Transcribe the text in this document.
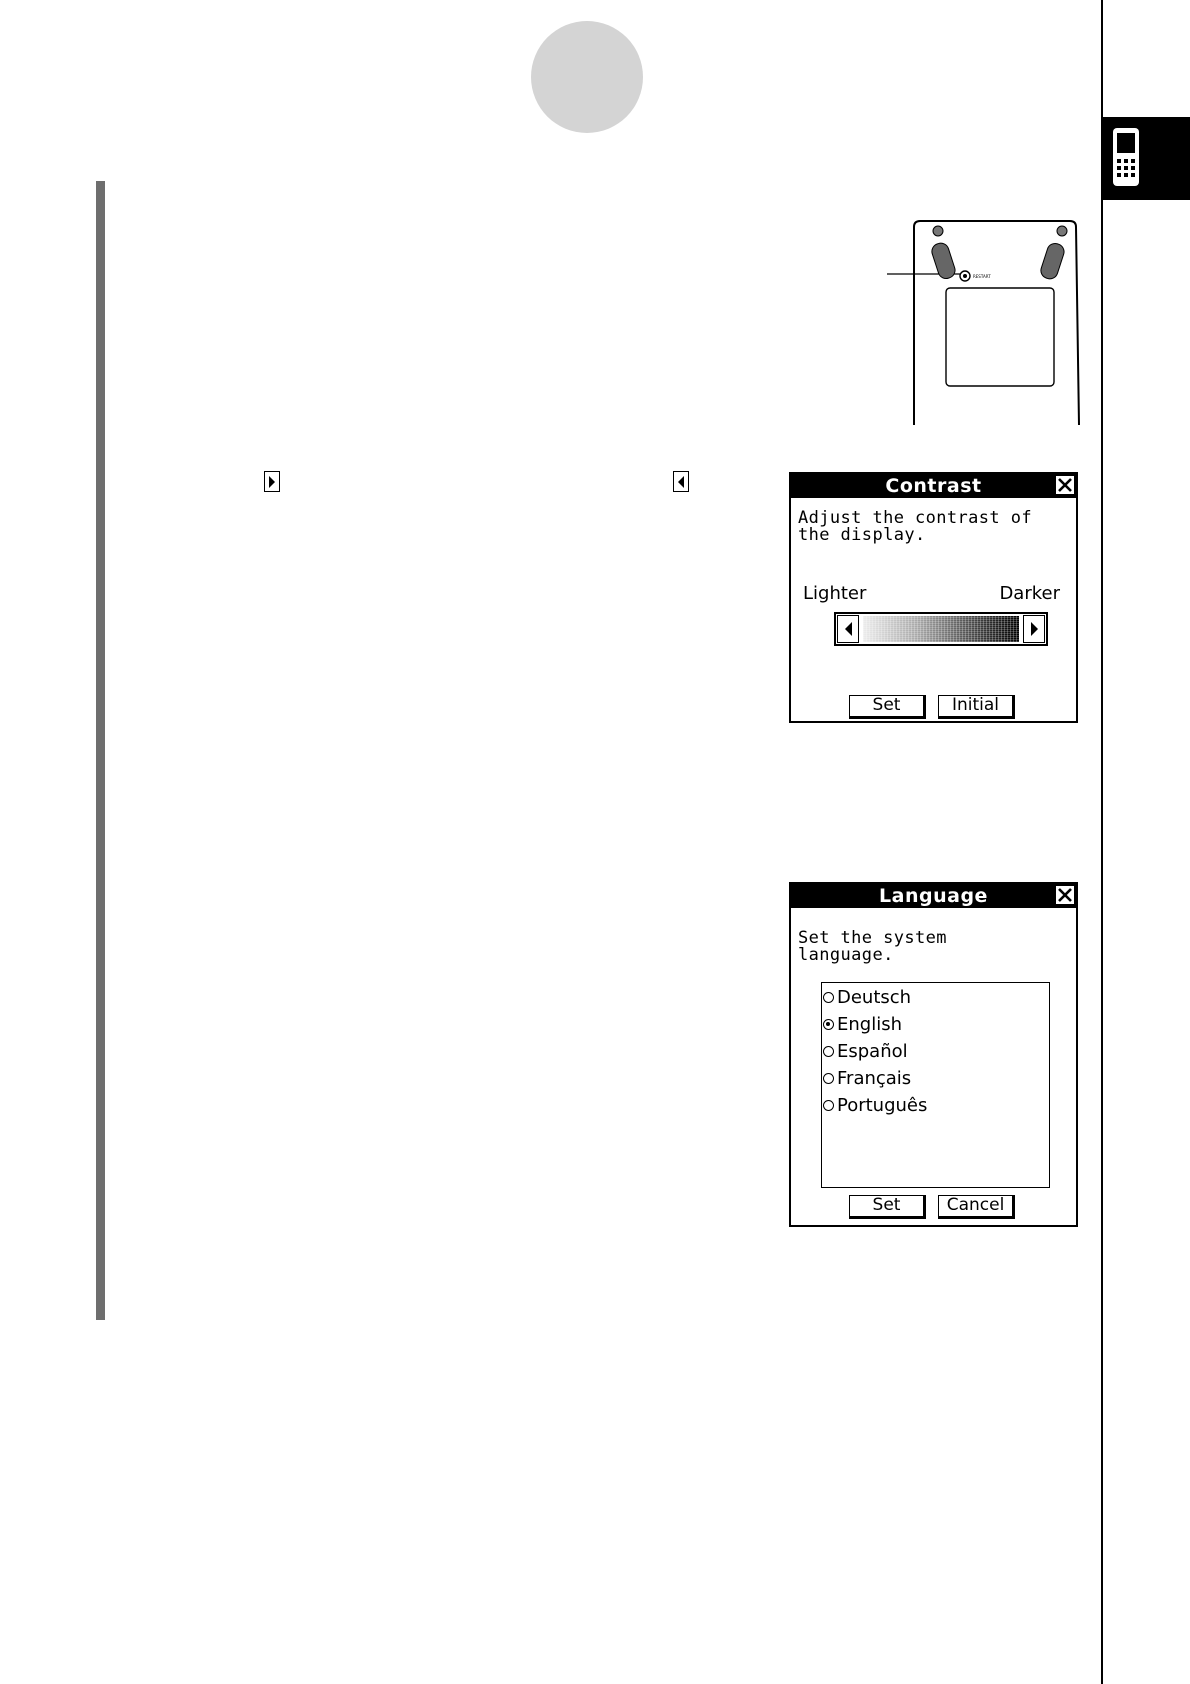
RESTART
Contrast
Adjust the contrast of
the display.
Lighter	Darker
Set	Initial
Language
Set the system
language.
Deutsch
English
Español
Français
Português
Set	Cancel
